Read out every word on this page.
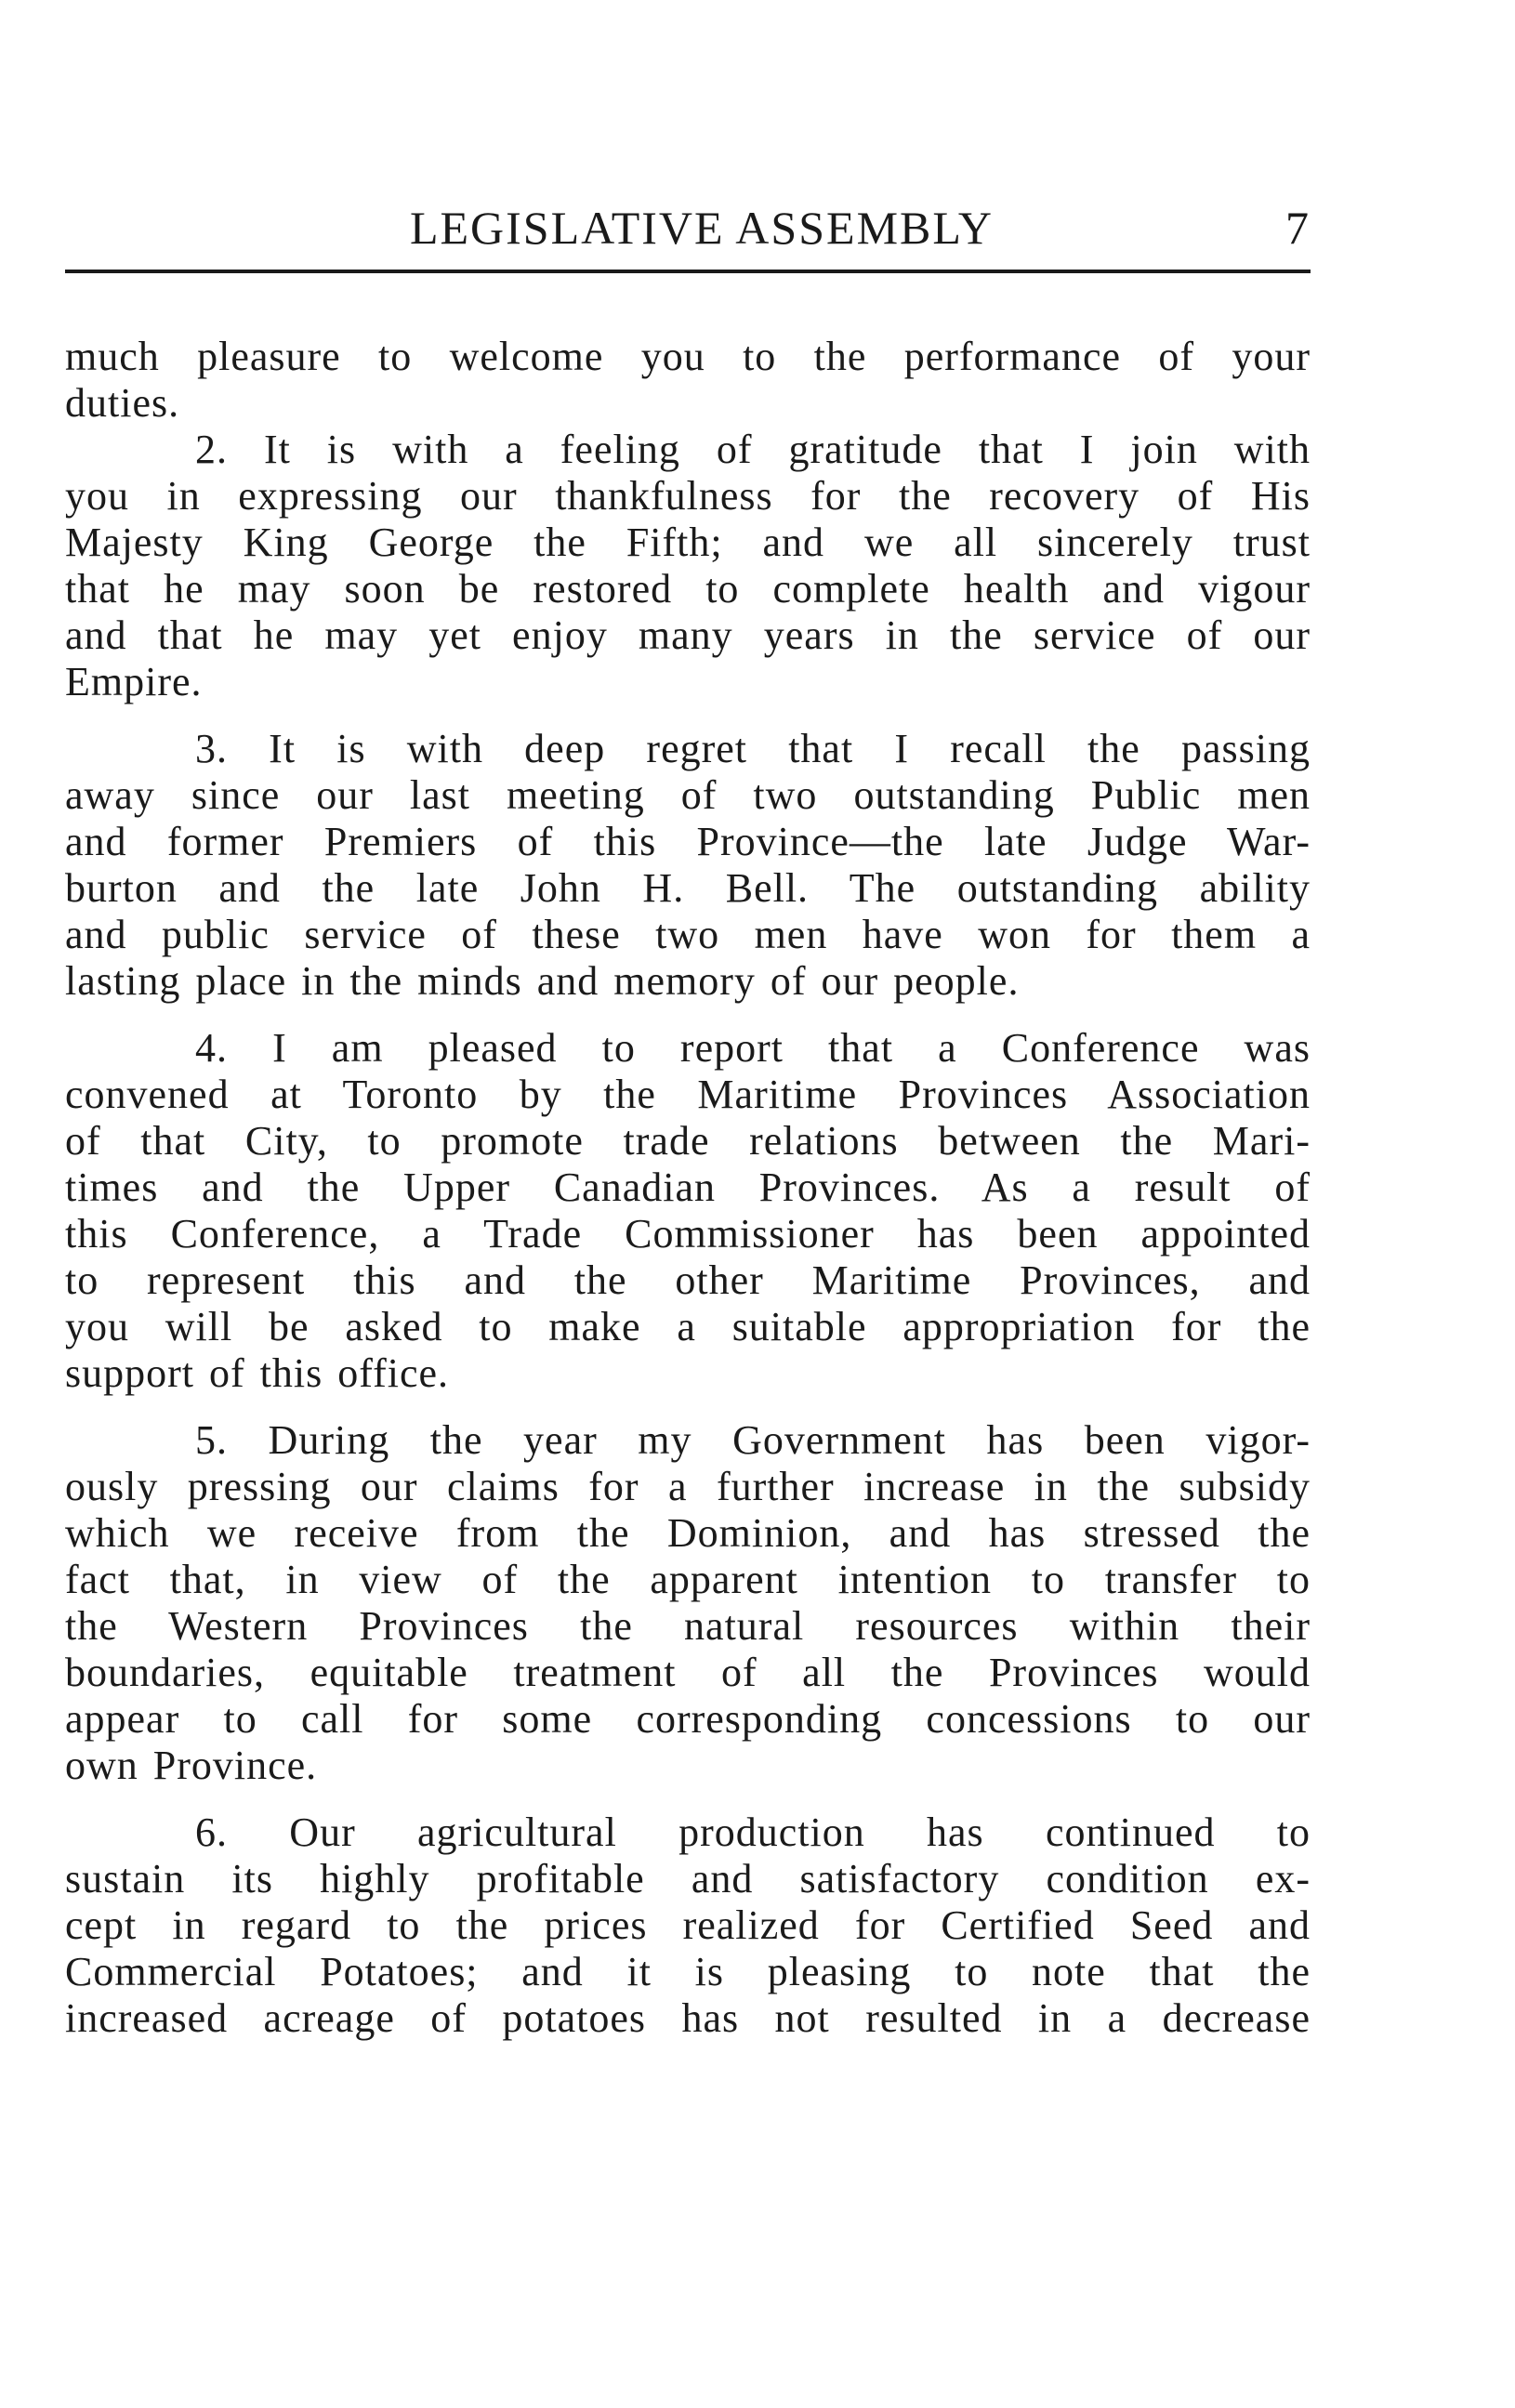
LEGISLATIVE ASSEMBLY	7
much pleasure to welcome you to the performance of your
duties.
2. It is with a feeling of gratitude that I join with
you in expressing our thankfulness for the recovery of His
Majesty King George the Fifth; and we all sincerely trust
that he may soon be restored to complete health and vigour
and that he may yet enjoy many years in the service of our
Empire.
3. It is with deep regret that I recall the passing
away since our last meeting of two outstanding Public men
and former Premiers of this Province—the late Judge War-
burton and the late John H. Bell. The outstanding ability
and public service of these two men have won for them a
lasting place in the minds and memory of our people.
4. I am pleased to report that a Conference was
convened at Toronto by the Maritime Provinces Association
of that City, to promote trade relations between the Mari-
times and the Upper Canadian Provinces. As a result of
this Conference, a Trade Commissioner has been appointed
to represent this and the other Maritime Provinces, and
you will be asked to make a suitable appropriation for the
support of this office.
5. During the year my Government has been vigor-
ously pressing our claims for a further increase in the subsidy
which we receive from the Dominion, and has stressed the
fact that, in view of the apparent intention to transfer to
the Western Provinces the natural resources within their
boundaries, equitable treatment of all the Provinces would
appear to call for some corresponding concessions to our
own Province.
6. Our agricultural production has continued to
sustain its highly profitable and satisfactory condition ex-
cept in regard to the prices realized for Certified Seed and
Commercial Potatoes; and it is pleasing to note that the
increased acreage of potatoes has not resulted in a decrease
